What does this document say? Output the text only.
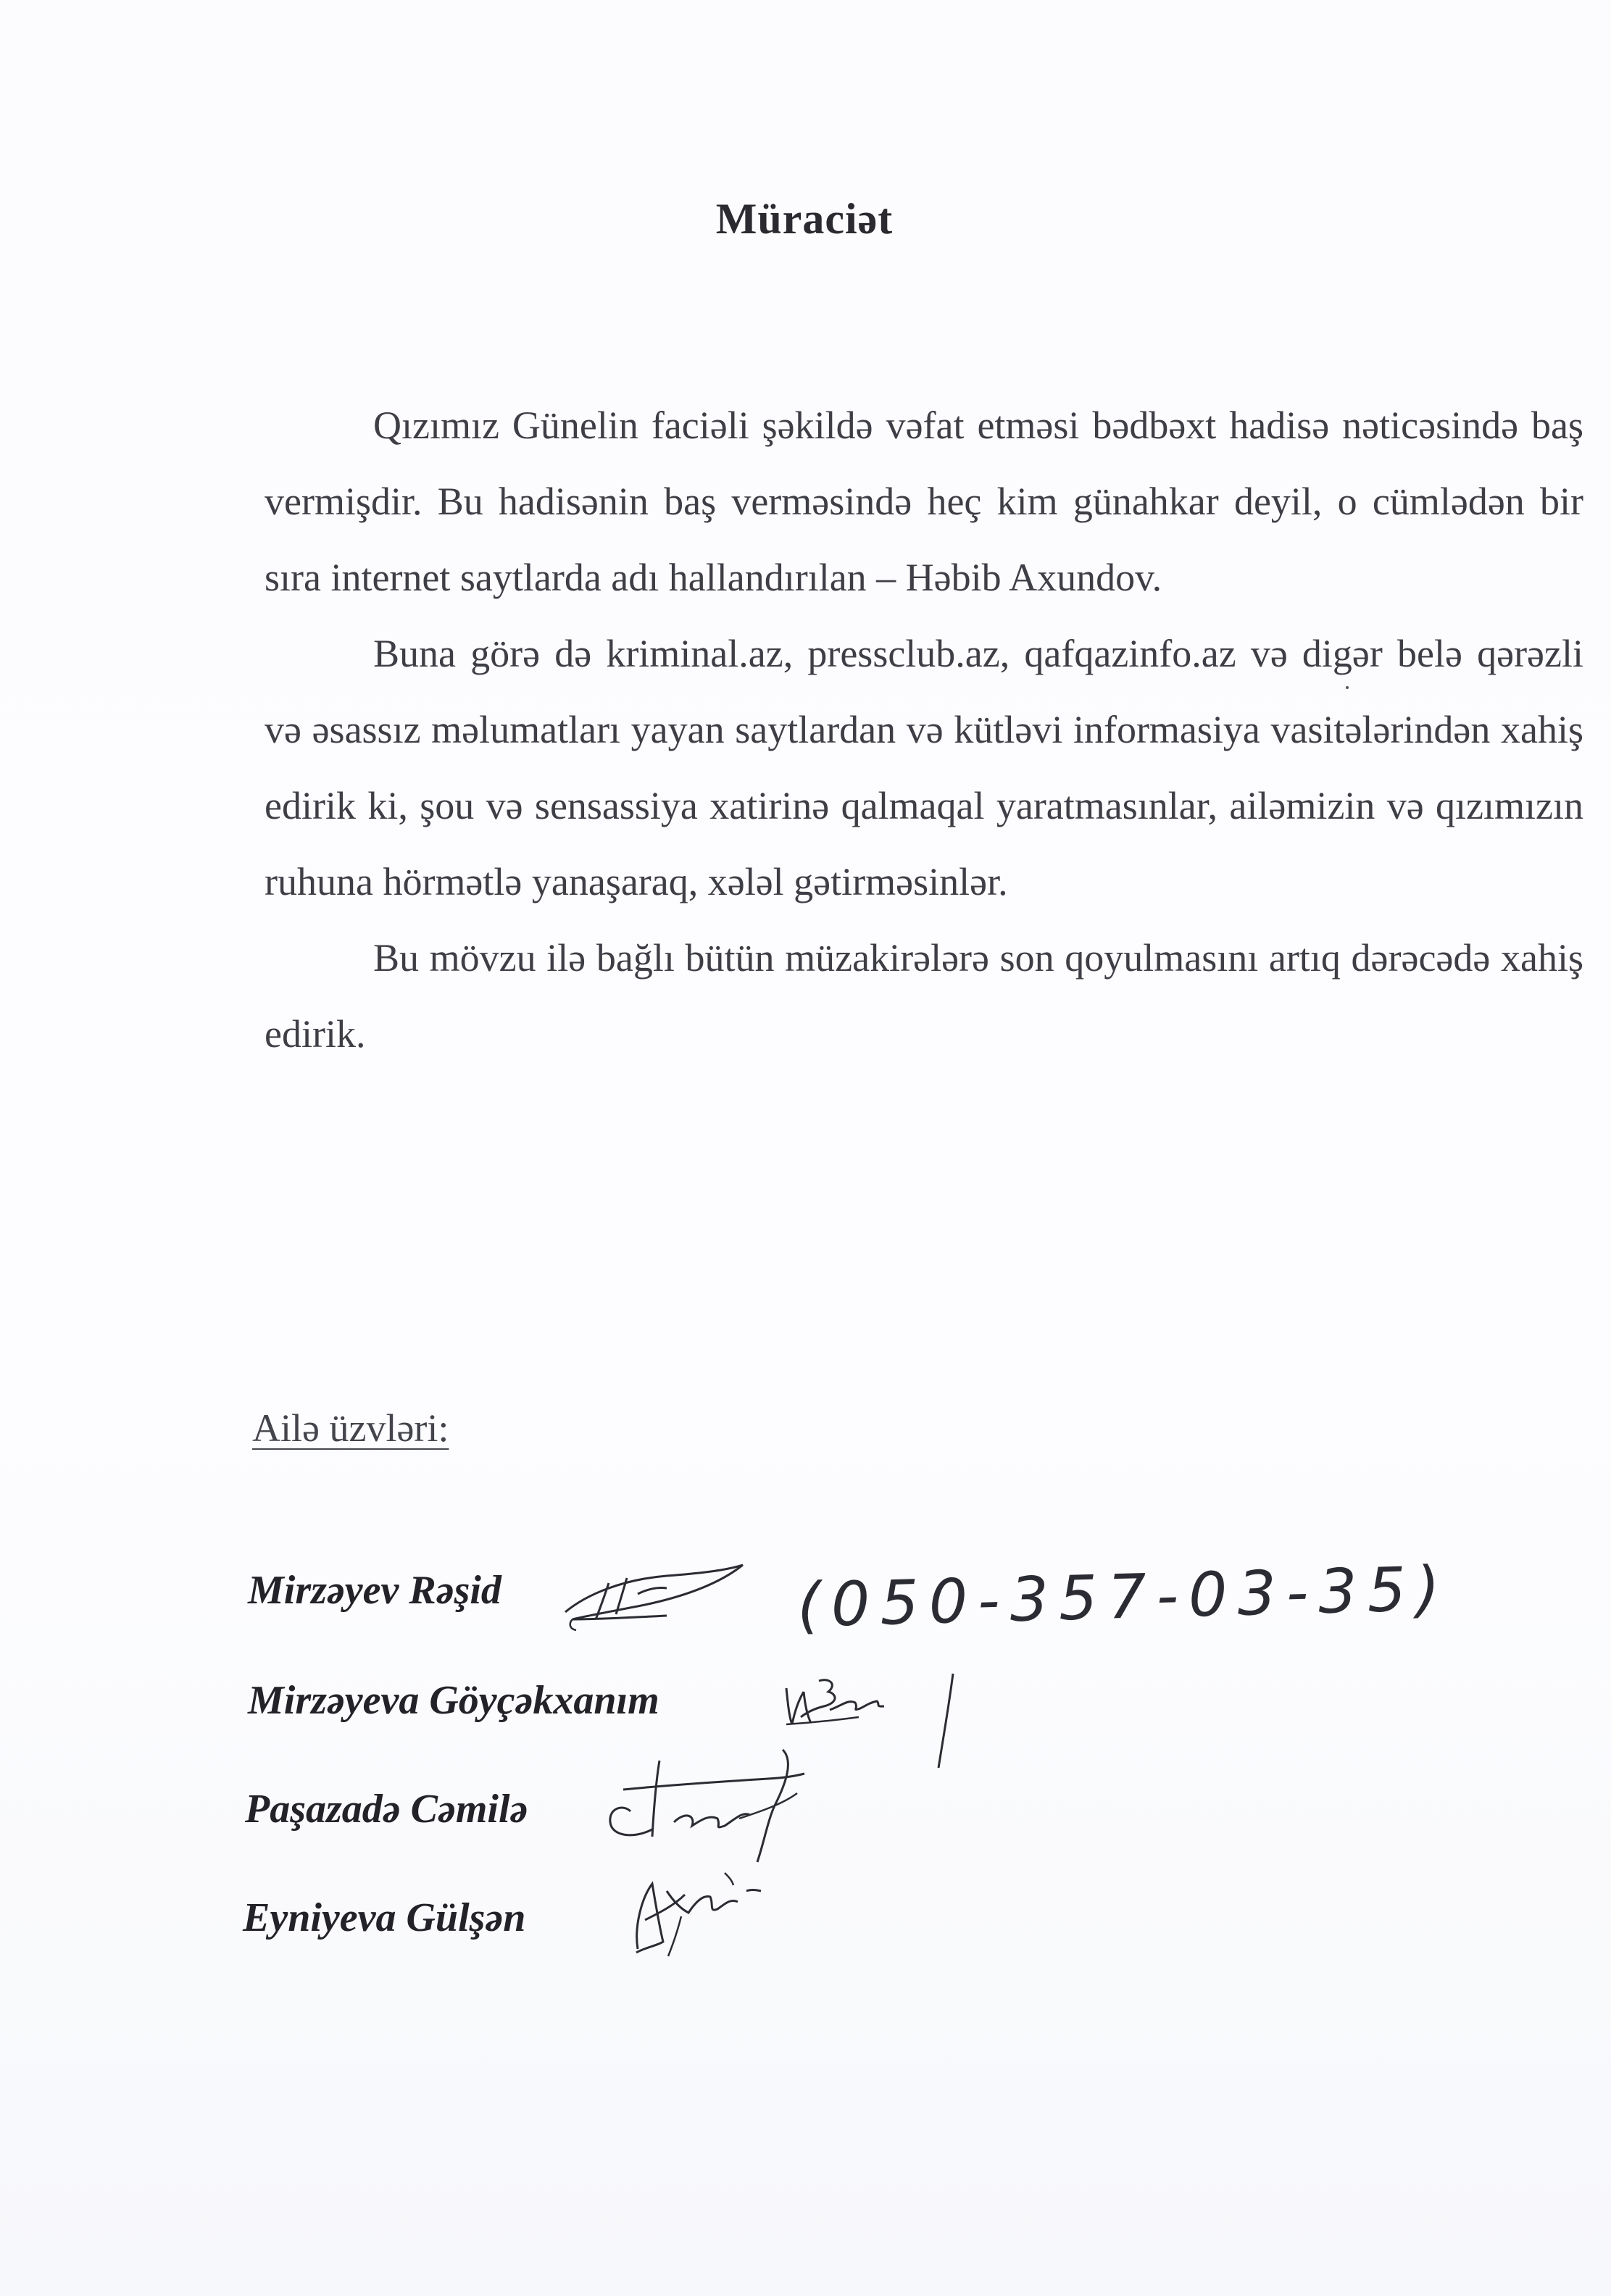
Müraciət

Qızımız Günelin faciəli şəkildə vəfat etməsi bədbəxt hadisə nəticəsində baş vermişdir. Bu hadisənin baş verməsində heç kim günahkar deyil, o cümlədən bir sıra internet saytlarda adı hallandırılan – Həbib Axundov.

Buna görə də kriminal.az, pressclub.az, qafqazinfo.az və digər belə qərəzli və əsassız məlumatları yayan saytlardan və kütləvi informasiya vasitələrindən xahiş edirik ki, şou və sensassiya xatirinə qalmaqal yaratmasınlar, ailəmizin və qızımızın ruhuna hörmətlə yanaşaraq, xələl gətirməsinlər.

Bu mövzu ilə bağlı bütün müzakirələrə son qoyulmasını artıq dərəcədə xahiş edirik.

Ailə üzvləri:
Mirzəyev Rəşid
Mirzəyeva Göyçəkxanım
Paşazadə Cəmilə
Eyniyeva Gülşən
(050-357-03-35)
